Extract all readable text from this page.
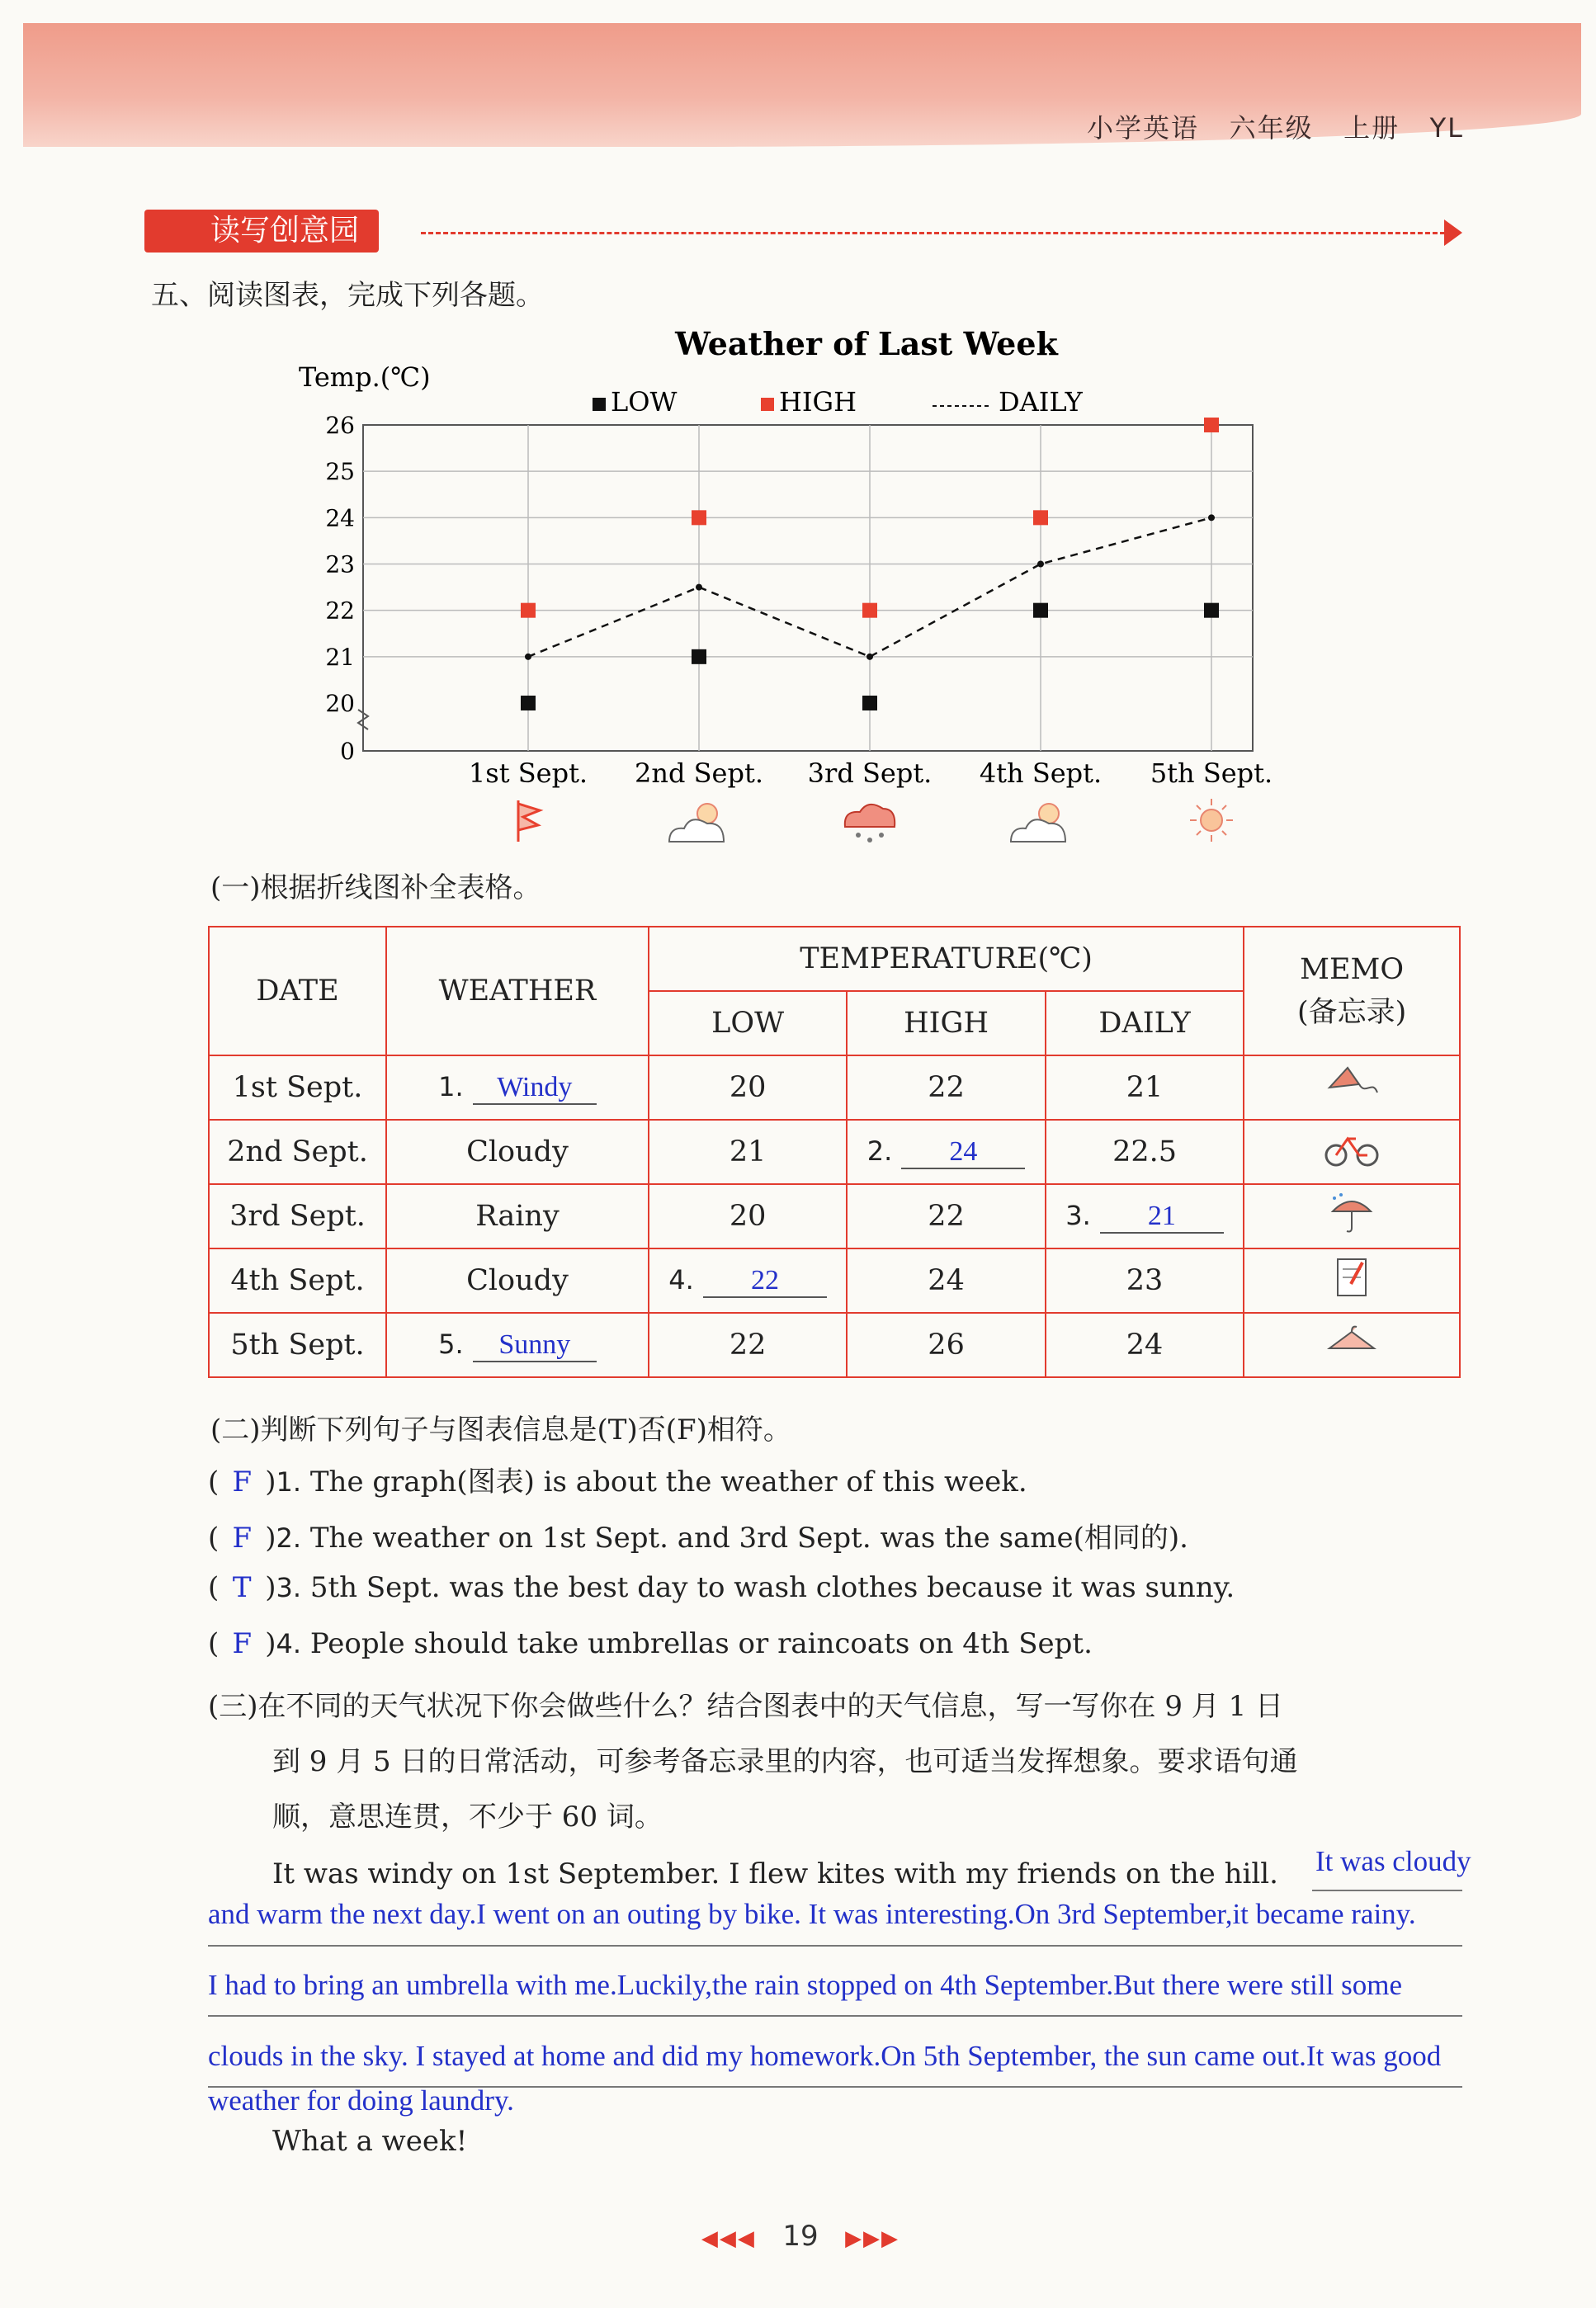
小学英语 六年级 上册 YL
读写创意园
五、阅读图表，完成下列各题。
Weather of Last Week
Temp.(℃)
LOW	HIGH	DAILY
20
21
22
23
24
25
26
0
1st Sept. 2nd Sept. 3rd Sept. 4th Sept. 5th Sept.
(一)根据折线图补全表格。
DATE	WEATHER	TEMPERATURE(℃)			MEMO
(备忘录)
		LOW	HIGH	DAILY	
1st Sept.	1. Windy	20	22	21	
2nd Sept.	Cloudy	21	2. 24	22.5	
3rd Sept.	Rainy	20	22	3. 21	
4th Sept.	Cloudy	4. 22	24	23	
5th Sept.	5. Sunny	22	26	24	
(二)判断下列句子与图表信息是(T)否(F)相符。
( F )1. The graph(图表) is about the weather of this week.
( F )2. The weather on 1st Sept. and 3rd Sept. was the same(相同的).
( T )3. 5th Sept. was the best day to wash clothes because it was sunny.
( F )4. People should take umbrellas or raincoats on 4th Sept.
(三)在不同的天气状况下你会做些什么？结合图表中的天气信息，写一写你在 9 月 1 日
到 9 月 5 日的日常活动，可参考备忘录里的内容，也可适当发挥想象。要求语句通
顺，意思连贯，不少于 60 词。
It was windy on 1st September. I flew kites with my friends on the hill.	It was cloudy
and warm the next day.I went on an outing by bike. It was interesting.On 3rd September,it became rainy.
I had to bring an umbrella with me.Luckily,the rain stopped on 4th September.But there were still some
clouds in the sky. I stayed at home and did my homework.On 5th September, the sun came out.It was good
weather for doing laundry.
What a week!
◀◀◀ 19 ▶▶▶
